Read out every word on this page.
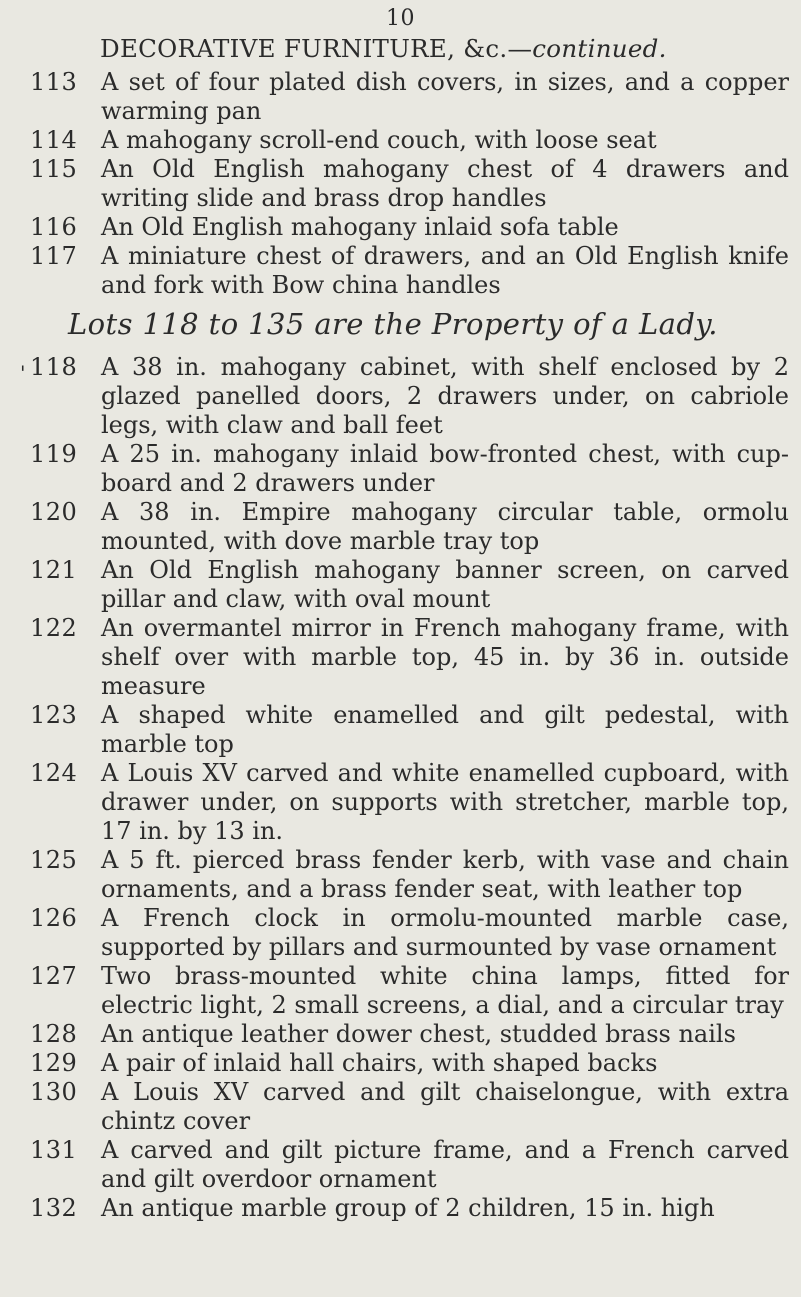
10
DECORATIVE FURNITURE, &c.—continued.
113 A set of four plated dish covers, in sizes, and a copper warming pan
114 A mahogany scroll-end couch, with loose seat
115 An Old English mahogany chest of 4 drawers and writing slide and brass drop handles
116 An Old English mahogany inlaid sofa table
117 A miniature chest of drawers, and an Old English knife and fork with Bow china handles
Lots 118 to 135 are the Property of a Lady.
' 118 A 38 in. mahogany cabinet, with shelf enclosed by 2 glazed panelled doors, 2 drawers under, on cabriole legs, with claw and ball feet
119 A 25 in. mahogany inlaid bow-fronted chest, with cup-board and 2 drawers under
120 A 38 in. Empire mahogany circular table, ormolu mounted, with dove marble tray top
121 An Old English mahogany banner screen, on carved pillar and claw, with oval mount
122 An overmantel mirror in French mahogany frame, with shelf over with marble top, 45 in. by 36 in. outside measure
123 A shaped white enamelled and gilt pedestal, with marble top
124 A Louis XV carved and white enamelled cupboard, with drawer under, on supports with stretcher, marble top, 17 in. by 13 in.
125 A 5 ft. pierced brass fender kerb, with vase and chain ornaments, and a brass fender seat, with leather top
126 A French clock in ormolu-mounted marble case, supported by pillars and surmounted by vase ornament
127 Two brass-mounted white china lamps, fitted for electric light, 2 small screens, a dial, and a circular tray
128 An antique leather dower chest, studded brass nails
129 A pair of inlaid hall chairs, with shaped backs
130 A Louis XV carved and gilt chaiselongue, with extra chintz cover
131 A carved and gilt picture frame, and a French carved and gilt overdoor ornament
132 An antique marble group of 2 children, 15 in. high
